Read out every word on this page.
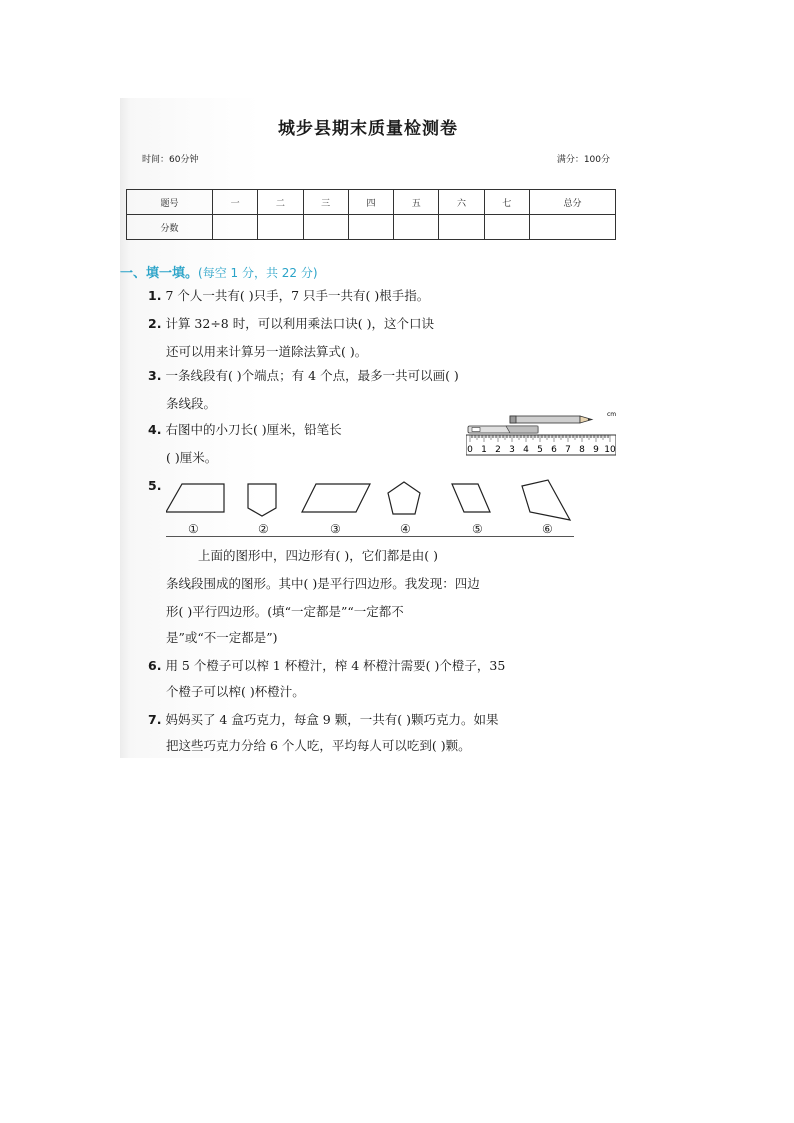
城步县期末质量检测卷
时间：60分钟	满分：100分
题号	一	二	三	四	五	六	七	总分
分数								
一、填一填。(每空 1 分，共 22 分)
1. 7 个人一共有( )只手，7 只手一共有( )根手指。
2. 计算 32÷8 时，可以利用乘法口诀( )，这个口诀
还可以用来计算另一道除法算式( )。
3. 一条线段有( )个端点；有 4 个点，最多一共可以画( )
条线段。
4. 右图中的小刀长( )厘米，铅笔长
( )厘米。	0 1 2 3 4 5 6 7 8 9 10
cm
5.
①	②	③	④	⑤	⑥
上面的图形中，四边形有( )，它们都是由( )
条线段围成的图形。其中( )是平行四边形。我发现：四边
形( )平行四边形。(填“一定都是”“一定都不
是”或“不一定都是”)
6. 用 5 个橙子可以榨 1 杯橙汁，榨 4 杯橙汁需要( )个橙子，35
个橙子可以榨( )杯橙汁。
7. 妈妈买了 4 盒巧克力，每盒 9 颗，一共有( )颗巧克力。如果
把这些巧克力分给 6 个人吃，平均每人可以吃到( )颗。
